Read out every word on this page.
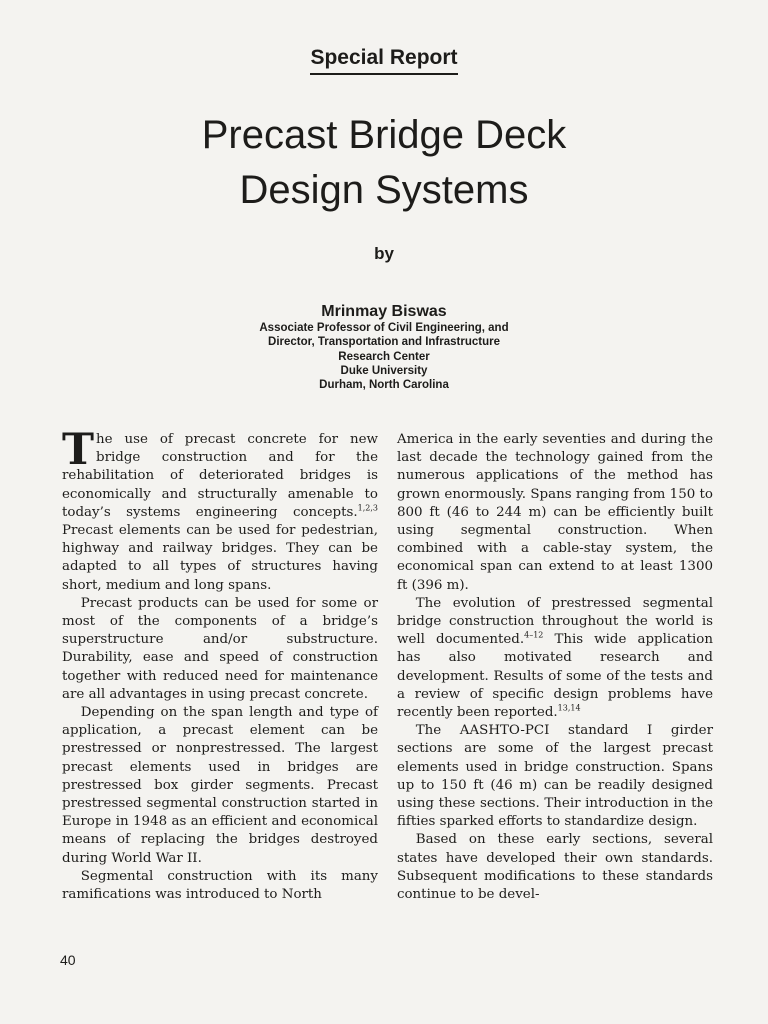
Special Report
Precast Bridge Deck
Design Systems
by
Mrinmay Biswas
Associate Professor of Civil Engineering, and
Director, Transportation and Infrastructure
Research Center
Duke University
Durham, North Carolina

The use of precast concrete for new bridge construction and for the rehabilitation of deteriorated bridges is economically and structurally amenable to today’s systems engineering concepts.$^{1,2,3}$ Precast elements can be used for pedestrian, highway and railway bridges. They can be adapted to all types of structures having short, medium and long spans.

Precast products can be used for some or most of the components of a bridge’s superstructure and/or substructure. Durability, ease and speed of construction together with reduced need for maintenance are all advantages in using precast concrete.

Depending on the span length and type of application, a precast element can be prestressed or nonprestressed. The largest precast elements used in bridges are prestressed box girder segments. Precast prestressed segmental construction started in Europe in 1948 as an efficient and economical means of replacing the bridges destroyed during World War II.

Segmental construction with its many ramifications was introduced to North

America in the early seventies and during the last decade the technology gained from the numerous applications of the method has grown enormously. Spans ranging from 150 to 800 ft (46 to 244 m) can be efficiently built using segmental construction. When combined with a cable-stay system, the economical span can extend to at least 1300 ft (396 m).

The evolution of prestressed segmental bridge construction throughout the world is well documented.$^{4-12}$ This wide application has also motivated research and development. Results of some of the tests and a review of specific design problems have recently been reported.$^{13,14}$

The AASHTO-PCI standard I girder sections are some of the largest precast elements used in bridge construction. Spans up to 150 ft (46 m) can be readily designed using these sections. Their introduction in the fifties sparked efforts to standardize design.

Based on these early sections, several states have developed their own standards. Subsequent modifications to these standards continue to be devel-

40
